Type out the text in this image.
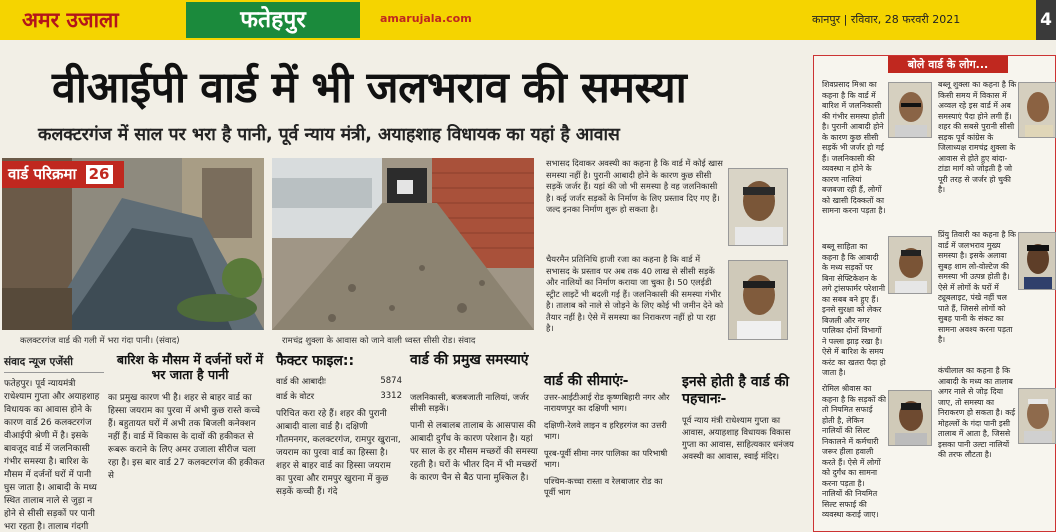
अमर उजाला	फतेहपुर	amarujala.com	कानपुर | रविवार, 28 फरवरी 2021	4
वीआईपी वार्ड में भी जलभराव की समस्या
कलक्टरगंज में साल पर भरा है पानी, पूर्व न्याय मंत्री, अयाहशाह विधायक का यहां है आवास
वार्ड परिक्रमा 26
कलक्टरगंज वार्ड की गली में भरा गंदा पानी। (संवाद)	रामचंद्र शुक्ला के आवास को जाने वाली ध्वस्त सीसी रोड। संवाद
संवाद न्यूज एजेंसी
फतेहपुर। पूर्व न्यायमंत्री राधेश्याम गुप्ता और अयाहशाह विधायक का आवास होने के कारण वार्ड 26 कलक्टरगंज वीआईपी श्रेणी में है। इसके बावजूद वार्ड में जलनिकासी गंभीर समस्या है। बारिश के मौसम में दर्जनों घरों में पानी घुस जाता है। आबादी के मध्य स्थित तालाब नाले से जुड़ा न होने से सीसी सड़कों पर पानी भरा रहता है। तालाब गंदगी
बारिश के मौसम में दर्जनों घरों में भर जाता है पानी
का प्रमुख कारण भी है। शहर से बाहर वार्ड का हिस्सा जयराम का पुरवा में अभी कुछ रास्ते कच्चे हैं। बहुतायत घरों में अभी तक बिजली कनेक्शन नहीं हैं। वार्ड में विकास के दावों की हकीकत से रूबरू कराने के लिए अमर उजाला सीरीज चला रहा है। इस बार वार्ड 27 कलक्टरगंज की हकीकत से
फैक्टर फाइल::
वार्ड की आबादीः	5874
वार्ड के वोटर	3312
परिचित करा रहे हैं। शहर की पुरानी आबादी वाला वार्ड है। दक्षिणी गौतमनगर, कलक्टरगंज, रामपुर खुराना, जयराम का पुरवा वार्ड का हिस्सा है। शहर से बाहर वार्ड का हिस्सा जयराम का पुरवा और रामपुर खुराना में कुछ सड़कें कच्ची हैं। गंदे
वार्ड की प्रमुख समस्याएं
जलनिकासी, बजबजाती नालियां, जर्जर सीसी सड़कें।
पानी से लबालब तालाब के आसपास की आबादी दुर्गंध के कारण परेशान है। यहां पर साल के हर मौसम मच्छरों की समस्या रहती है। घरों के भीतर दिन में भी मच्छरों के कारण चैन से बैठ पाना मुश्किल है।
सभासद दिवाकर अवस्थी का कहना है कि वार्ड में कोई खास समस्या नहीं है। पुरानी आबादी होने के कारण कुछ सीसी सड़कें जर्जर हैं। यहां की जो भी समस्या है वह जलनिकासी है। कई जर्जर सड़कों के निर्माण के लिए प्रस्ताव दिए गए हैं। जल्द इनका निर्माण शुरू हो सकता है।
चैयरमैन प्रतिनिधि हाजी रजा का कहना है कि वार्ड में सभासद के प्रस्ताव पर अब तक 40 लाख से सीसी सड़कें और नालियों का निर्माण कराया जा चुका है। 50 एलईडी स्ट्रीट लाइटें भी बदली गई हैं। जलनिकासी की समस्या गंभीर है। तालाब को नाले से जोड़ने के लिए कोई भी जमीन देने को तैयार नहीं है। ऐसे में समस्या का निराकरण नहीं हो पा रहा है।
वार्ड की सीमाएंः-
उत्तर-आईटीआई रोड कृष्णबिहारी नगर और नारायणपुर का दक्षिणी भाग।
दक्षिणी-रेलवे लाइन व हरिहरगंज का उत्तरी भाग।
पूरब-पूर्वी सीमा नगर पालिका का परिभाषी भाग।
पश्चिम-कच्चा रास्ता व रेलबाजार रोड का पूर्वी भाग
इनसे होती है वार्ड की पहचानः-
पूर्व न्याय मंत्री राधेश्याम गुप्ता का आवास, अयाहशाह विधायक विकास गुप्ता का आवास, साहित्यकार धनंजय अवस्थी का आवास, स्वाई मंदिर।
बोले वार्ड के लोग...
शिवप्रसाद मिश्रा का कहना है कि वार्ड में बारिश में जलनिकासी की गंभीर समस्या होती है। पुरानी आबादी होने के कारण कुछ सीसी सड़कें भी जर्जर हो गई हैं। जलनिकासी की व्यवस्था न होने के कारण नालियां बजबजा रही हैं, लोगों को खासी दिक्कतों का सामना करना पड़ता है।
बब्लू साहिता का कहना है कि आबादी के मध्य सड़कों पर बिना सेफ्टिकेशन के लगे ट्रांसफार्मर परेशानी का सबब बने हुए हैं। इनसे सुरक्षा को लेकर बिजली और नगर पालिका दोनों विभागों ने पल्ला झाड़ रखा है। ऐसे में बारिश के समय करंट का खतरा पैदा हो जाता है।
रोमिल श्रीवास का कहना है कि सड़कों की तो नियमित सफाई होती है, लेकिन नालियों की सिल्ट निकालने में कर्मचारी जरूर हीला हवाली करते हैं। ऐसे में लोगों को दुर्गंध का सामना करना पड़ता है। नालियों की नियमित सिल्ट सफाई की व्यवस्था कराई जाए।
बब्लू शुक्ला का कहना है कि किसी समय में विकास में अव्वल रहे इस वार्ड में अब समस्याएं पैदा होने लगी हैं। शहर की सबसे पुरानी सीसी सड़क पूर्व कांग्रेस के जिलाध्यक्ष रामचंद्र शुक्ला के आवास से होते हुए बांदा-टांडा मार्ग को जोड़ती है जो पूरी तरह से जर्जर हो चुकी है।
प्रिंयु तिवारी का कहना है कि वार्ड में जलभराव मुख्य समस्या है। इसके अलावा सुबह शाम लो-वोल्टेज की समस्या भी उत्पन्न होती है। ऐसे में लोगों के घरों में ट्यूबलाइट, पंखे नहीं चल पाते हैं, जिससे लोगों को सुबह पानी के संकट का सामना अवश्य करना पड़ता है।
कंचीलाल का कहना है कि आबादी के मध्य का तालाब अगर नाले से जोड़ दिया जाए, तो समस्या का निराकरण हो सकता है। कई मोहल्लों के गंदा पानी इसी तालाब में आता है, जिससे इसका पानी उल्टा नालियों की तरफ लौटता है।
